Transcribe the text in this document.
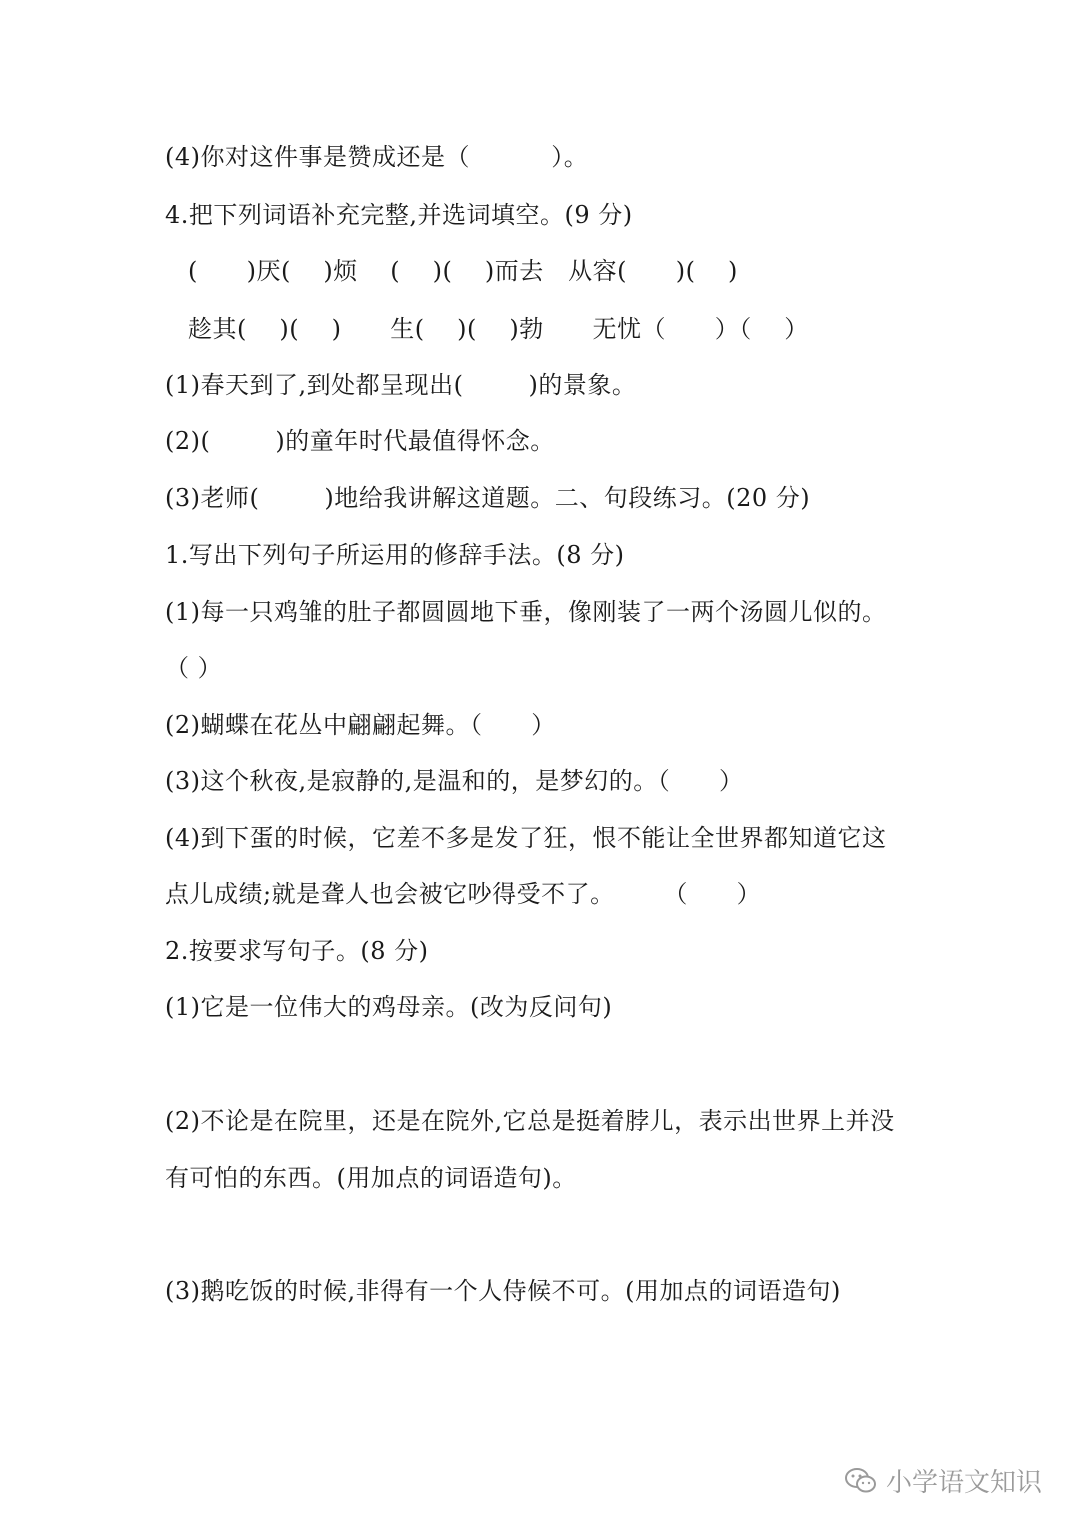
(4)你对这件事是赞成还是（          ）。
4.把下列词语补充完整,并选词填空。(9 分)
(      )厌(    )烦    (    )(    )而去   从容(      )(    )
趁其(    )(    )      生(    )(    )勃      无忧（      ）（    ）
(1)春天到了,到处都呈现出(        )的景象。
(2)(        )的童年时代最值得怀念。
(3)老师(        )地给我讲解这道题。二、句段练习。(20 分)
1.写出下列句子所运用的修辞手法。(8 分)
(1)每一只鸡雏的肚子都圆圆地下垂，像刚装了一两个汤圆儿似的。
（ ）
(2)蝴蝶在花丛中翩翩起舞。（      ）
(3)这个秋夜,是寂静的,是温和的，是梦幻的。（      ）
(4)到下蛋的时候，它差不多是发了狂，恨不能让全世界都知道它这
点儿成绩;就是聋人也会被它吵得受不了。      （      ）
2.按要求写句子。(8 分)
(1)它是一位伟大的鸡母亲。(改为反问句)
(2)不论是在院里，还是在院外,它总是挺着脖儿，表示出世界上并没
有可怕的东西。(用加点的词语造句)。
(3)鹅吃饭的时候,非得有一个人侍候不可。(用加点的词语造句)
小学语文知识
